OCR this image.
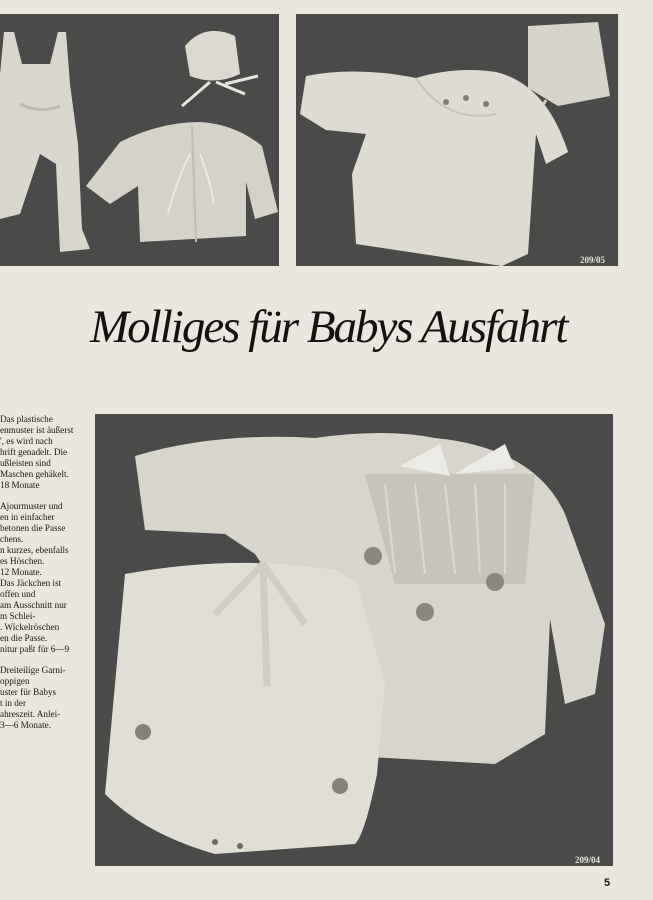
209/05
Molliges für Babys Ausfahrt

Das plastische
enmuster ist äußerst
', es wird nach
hrift genadelt. Die
ußleisten sind
Maschen gehäkelt.
18 Monate

Ajourmuster und
en in einfacher
betonen die Passe
chens.
n kurzes, ebenfalls
es Höschen.
12 Monate.
Das Jäckchen ist
offen und
am Ausschnitt nur
m Schlei-
. Wickelröschen
en die Passe.
nitur paßt für 6—9

Dreiteilige Garni-
oppigen
uster für Babys
t in der
ahreszeit. Anlei-
3—6 Monate.

209/04
5
